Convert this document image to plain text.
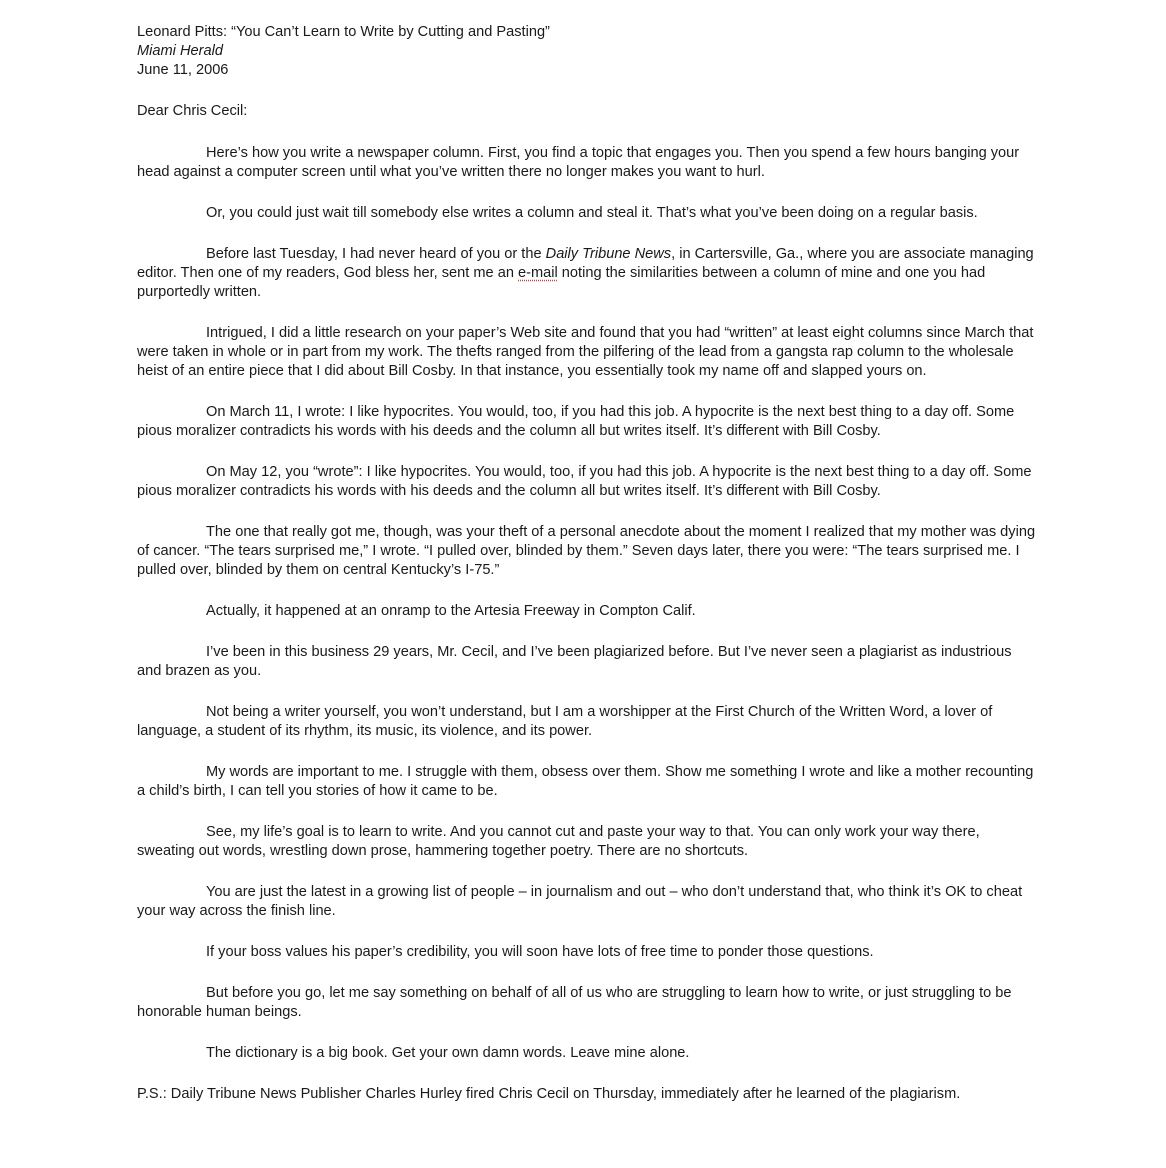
Leonard Pitts: “You Can’t Learn to Write by Cutting and Pasting”

Miami Herald

June 11, 2006

Dear Chris Cecil:

Here’s how you write a newspaper column. First, you find a topic that engages you. Then you spend a few hours banging your head against a computer screen until what you’ve written there no longer makes you want to hurl.

Or, you could just wait till somebody else writes a column and steal it. That’s what you’ve been doing on a regular basis.

Before last Tuesday, I had never heard of you or the Daily Tribune News, in Cartersville, Ga., where you are associate managing editor. Then one of my readers, God bless her, sent me an e-mail noting the similarities between a column of mine and one you had purportedly written.

Intrigued, I did a little research on your paper’s Web site and found that you had “written” at least eight columns since March that were taken in whole or in part from my work. The thefts ranged from the pilfering of the lead from a gangsta rap column to the wholesale heist of an entire piece that I did about Bill Cosby. In that instance, you essentially took my name off and slapped yours on.

On March 11, I wrote: I like hypocrites. You would, too, if you had this job. A hypocrite is the next best thing to a day off. Some pious moralizer contradicts his words with his deeds and the column all but writes itself. It’s different with Bill Cosby.

On May 12, you “wrote”: I like hypocrites. You would, too, if you had this job. A hypocrite is the next best thing to a day off. Some pious moralizer contradicts his words with his deeds and the column all but writes itself. It’s different with Bill Cosby.

The one that really got me, though, was your theft of a personal anecdote about the moment I realized that my mother was dying of cancer. “The tears surprised me,” I wrote. “I pulled over, blinded by them.” Seven days later, there you were: “The tears surprised me. I pulled over, blinded by them on central Kentucky’s I-75.”

Actually, it happened at an onramp to the Artesia Freeway in Compton Calif.

I’ve been in this business 29 years, Mr. Cecil, and I’ve been plagiarized before. But I’ve never seen a plagiarist as industrious and brazen as you.

Not being a writer yourself, you won’t understand, but I am a worshipper at the First Church of the Written Word, a lover of language, a student of its rhythm, its music, its violence, and its power.

My words are important to me. I struggle with them, obsess over them. Show me something I wrote and like a mother recounting a child’s birth, I can tell you stories of how it came to be.

See, my life’s goal is to learn to write. And you cannot cut and paste your way to that. You can only work your way there, sweating out words, wrestling down prose, hammering together poetry. There are no shortcuts.

You are just the latest in a growing list of people – in journalism and out – who don’t understand that, who think it’s OK to cheat your way across the finish line.

If your boss values his paper’s credibility, you will soon have lots of free time to ponder those questions.

But before you go, let me say something on behalf of all of us who are struggling to learn how to write, or just struggling to be honorable human beings.

The dictionary is a big book. Get your own damn words. Leave mine alone.

P.S.: Daily Tribune News Publisher Charles Hurley fired Chris Cecil on Thursday, immediately after he learned of the plagiarism.
